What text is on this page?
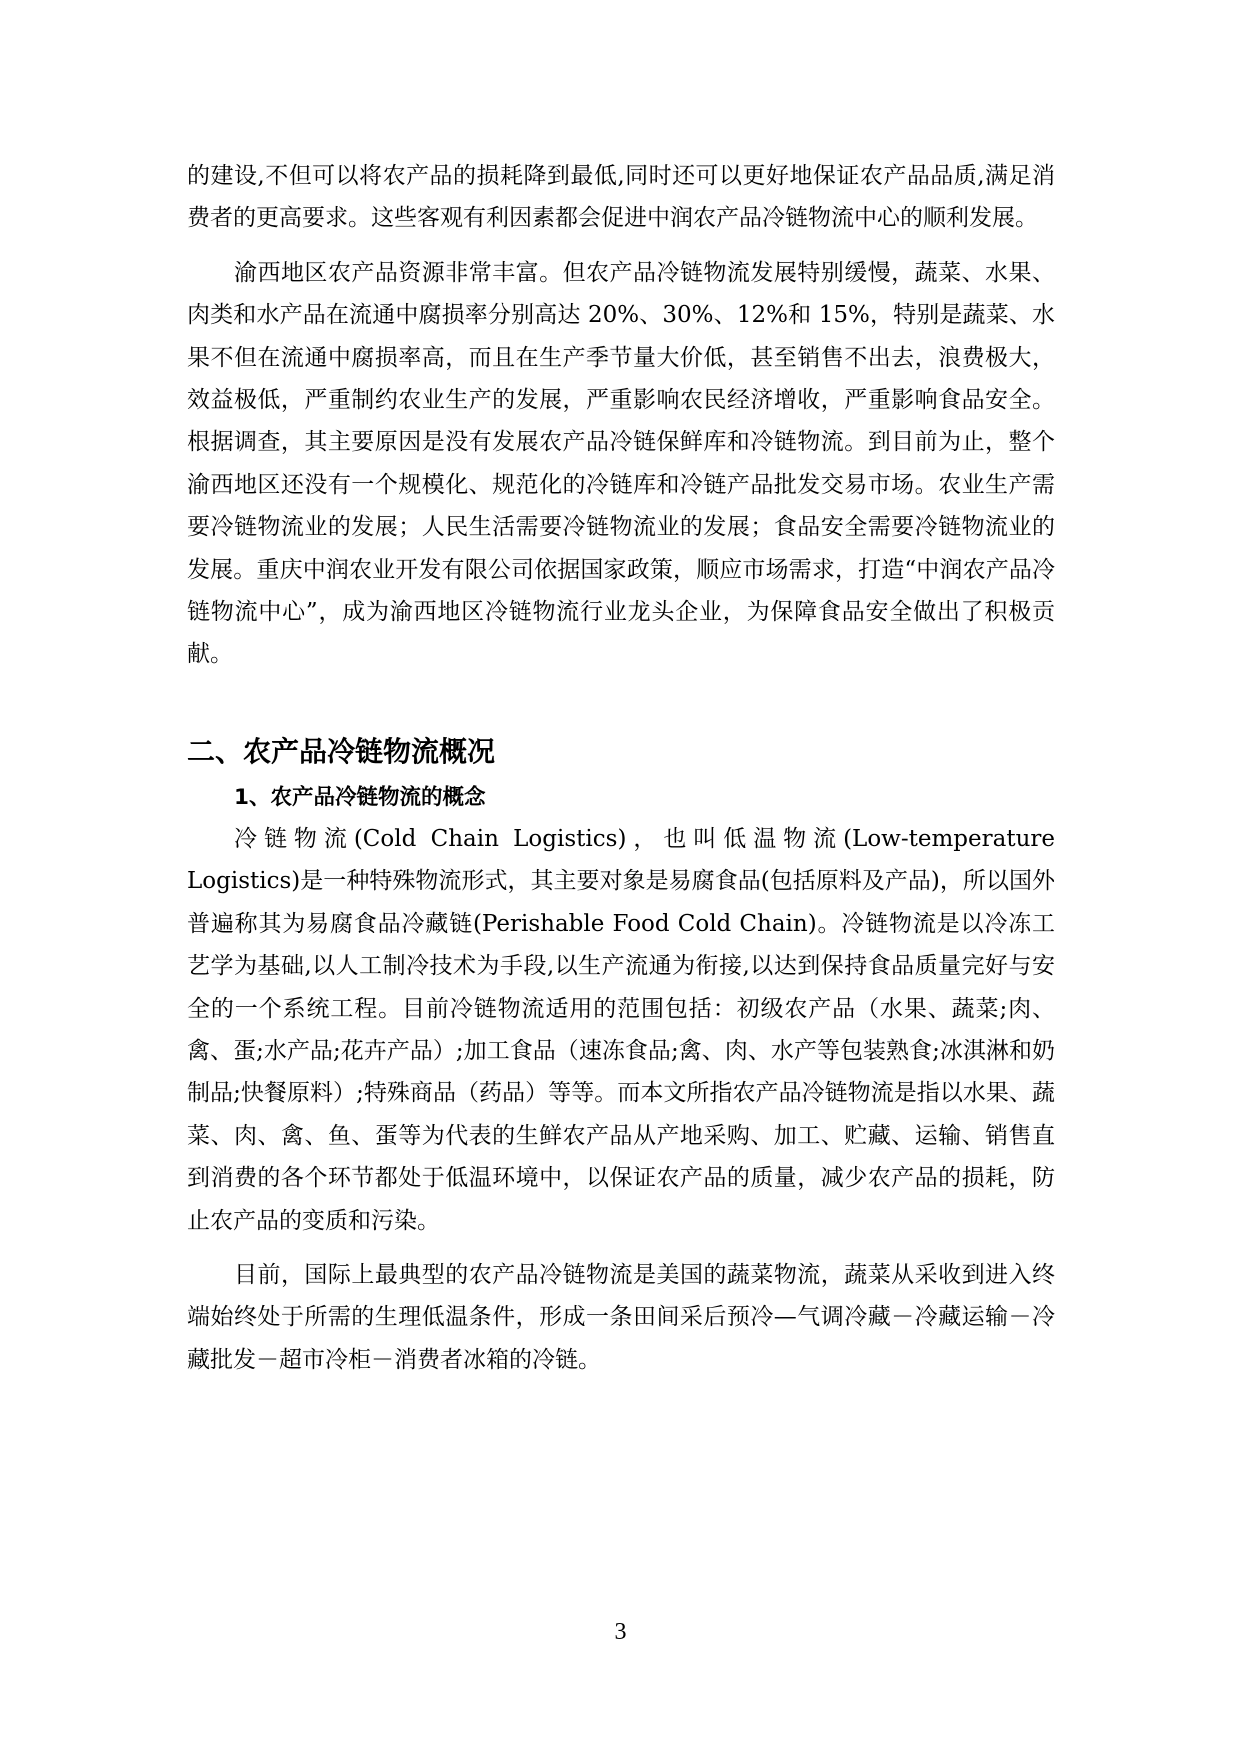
的建设,不但可以将农产品的损耗降到最低,同时还可以更好地保证农产品品质,满足消费者的更高要求。这些客观有利因素都会促进中润农产品冷链物流中心的顺利发展。

渝西地区农产品资源非常丰富。但农产品冷链物流发展特别缓慢，蔬菜、水果、肉类和水产品在流通中腐损率分别高达 20%、30%、12%和 15%，特别是蔬菜、水果不但在流通中腐损率高，而且在生产季节量大价低，甚至销售不出去，浪费极大，效益极低，严重制约农业生产的发展，严重影响农民经济增收，严重影响食品安全。根据调查，其主要原因是没有发展农产品冷链保鲜库和冷链物流。到目前为止，整个渝西地区还没有一个规模化、规范化的冷链库和冷链产品批发交易市场。农业生产需要冷链物流业的发展；人民生活需要冷链物流业的发展；食品安全需要冷链物流业的发展。重庆中润农业开发有限公司依据国家政策，顺应市场需求，打造“中润农产品冷链物流中心”，成为渝西地区冷链物流行业龙头企业，为保障食品安全做出了积极贡献。

二、农产品冷链物流概况
1、农产品冷链物流的概念

冷链物流(Cold Chain Logistics)，也叫低温物流(Low-temperature Logistics)是一种特殊物流形式，其主要对象是易腐食品(包括原料及产品)，所以国外普遍称其为易腐食品冷藏链(Perishable Food Cold Chain)。冷链物流是以冷冻工艺学为基础,以人工制冷技术为手段,以生产流通为衔接,以达到保持食品质量完好与安全的一个系统工程。目前冷链物流适用的范围包括：初级农产品（水果、蔬菜;肉、禽、蛋;水产品;花卉产品）;加工食品（速冻食品;禽、肉、水产等包装熟食;冰淇淋和奶制品;快餐原料）;特殊商品（药品）等等。而本文所指农产品冷链物流是指以水果、蔬菜、肉、禽、鱼、蛋等为代表的生鲜农产品从产地采购、加工、贮藏、运输、销售直到消费的各个环节都处于低温环境中，以保证农产品的质量，减少农产品的损耗，防止农产品的变质和污染。

目前，国际上最典型的农产品冷链物流是美国的蔬菜物流，蔬菜从采收到进入终端始终处于所需的生理低温条件，形成一条田间采后预冷—气调冷藏－冷藏运输－冷藏批发－超市冷柜－消费者冰箱的冷链。

3
